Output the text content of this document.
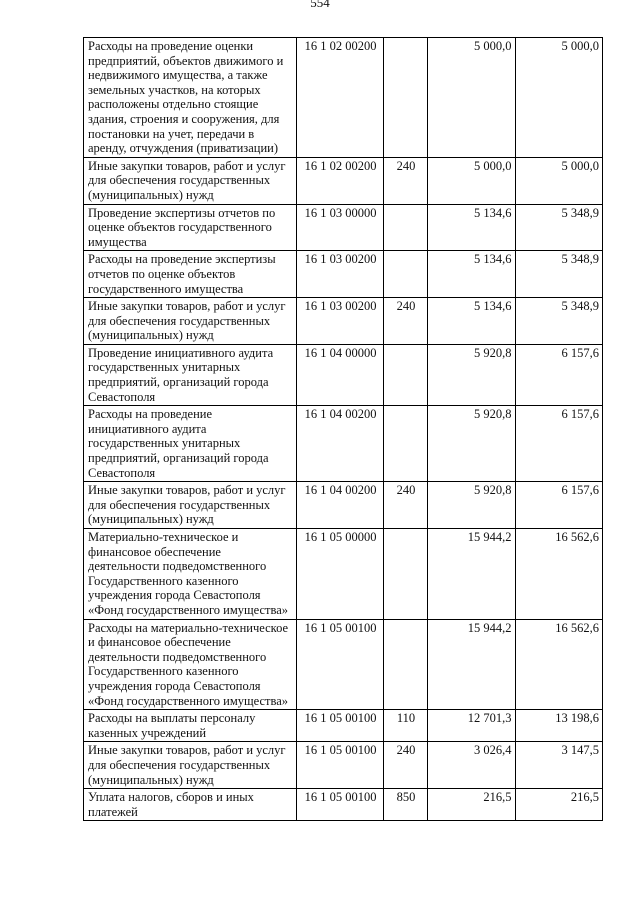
554
Расходы на проведение оценки предприятий, объектов движимого и недвижимого имущества, а также земельных участков, на которых расположены отдельно стоящие здания, строения и сооружения, для постановки на учет, передачи в аренду, отчуждения (приватизации)	16 1 02 00200		5 000,0	5 000,0
Иные закупки товаров, работ и услуг для обеспечения государственных (муниципальных) нужд	16 1 02 00200	240	5 000,0	5 000,0
Проведение экспертизы отчетов по оценке объектов государственного имущества	16 1 03 00000		5 134,6	5 348,9
Расходы на проведение экспертизы отчетов по оценке объектов государственного имущества	16 1 03 00200		5 134,6	5 348,9
Иные закупки товаров, работ и услуг для обеспечения государственных (муниципальных) нужд	16 1 03 00200	240	5 134,6	5 348,9
Проведение инициативного аудита государственных унитарных предприятий, организаций города Севастополя	16 1 04 00000		5 920,8	6 157,6
Расходы на проведение инициативного аудита государственных унитарных предприятий, организаций города Севастополя	16 1 04 00200		5 920,8	6 157,6
Иные закупки товаров, работ и услуг для обеспечения государственных (муниципальных) нужд	16 1 04 00200	240	5 920,8	6 157,6
Материально-техническое и финансовое обеспечение деятельности подведомственного Государственного казенного учреждения города Севастополя «Фонд государственного имущества»	16 1 05 00000		15 944,2	16 562,6
Расходы на материально-техническое и финансовое обеспечение деятельности подведомственного Государственного казенного учреждения города Севастополя «Фонд государственного имущества»	16 1 05 00100		15 944,2	16 562,6
Расходы на выплаты персоналу казенных учреждений	16 1 05 00100	110	12 701,3	13 198,6
Иные закупки товаров, работ и услуг для обеспечения государственных (муниципальных) нужд	16 1 05 00100	240	3 026,4	3 147,5
Уплата налогов, сборов и иных платежей	16 1 05 00100	850	216,5	216,5
